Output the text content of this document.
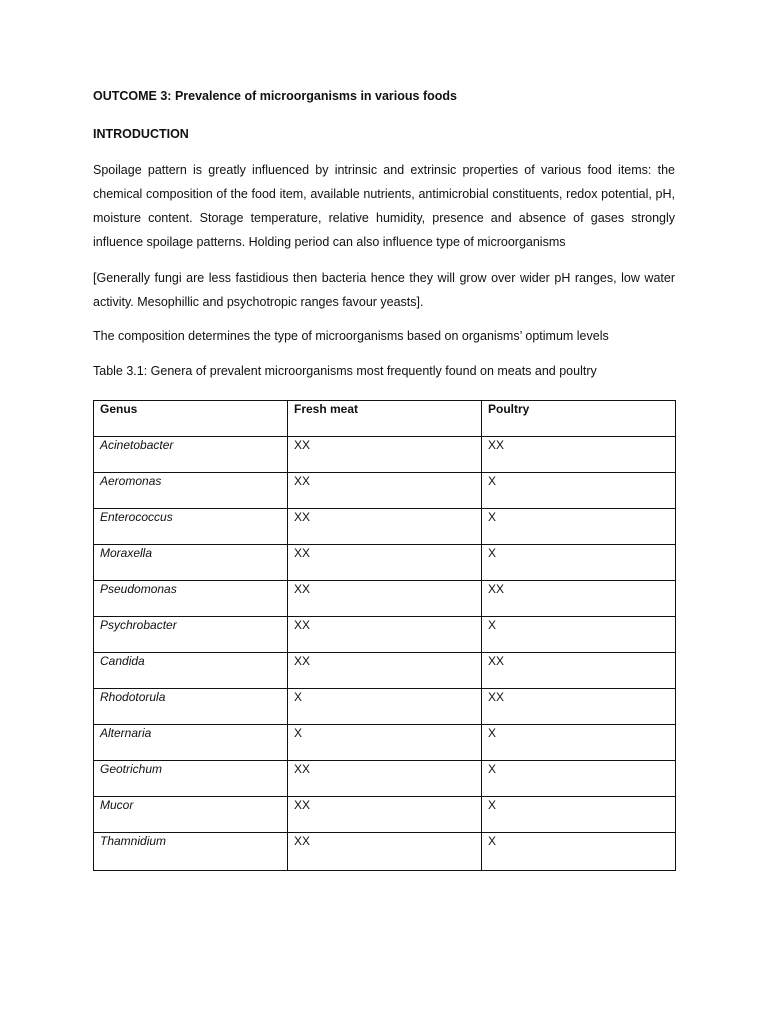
OUTCOME 3: Prevalence of microorganisms in various foods
INTRODUCTION

Spoilage pattern is greatly influenced by intrinsic and extrinsic properties of various food items: the chemical composition of the food item, available nutrients, antimicrobial constituents, redox potential, pH, moisture content. Storage temperature, relative humidity, presence and absence of gases strongly influence spoilage patterns. Holding period can also influence type of microorganisms

[Generally fungi are less fastidious then bacteria hence they will grow over wider pH ranges, low water activity. Mesophillic and psychotropic ranges favour yeasts].

The composition determines the type of microorganisms based on organisms’ optimum levels

Table 3.1: Genera of prevalent microorganisms most frequently found on meats and poultry

Genus	Fresh meat	Poultry
Acinetobacter	XX	XX
Aeromonas	XX	X
Enterococcus	XX	X
Moraxella	XX	X
Pseudomonas	XX	XX
Psychrobacter	XX	X
Candida	XX	XX
Rhodotorula	X	XX
Alternaria	X	X
Geotrichum	XX	X
Mucor	XX	X
Thamnidium	XX	X
